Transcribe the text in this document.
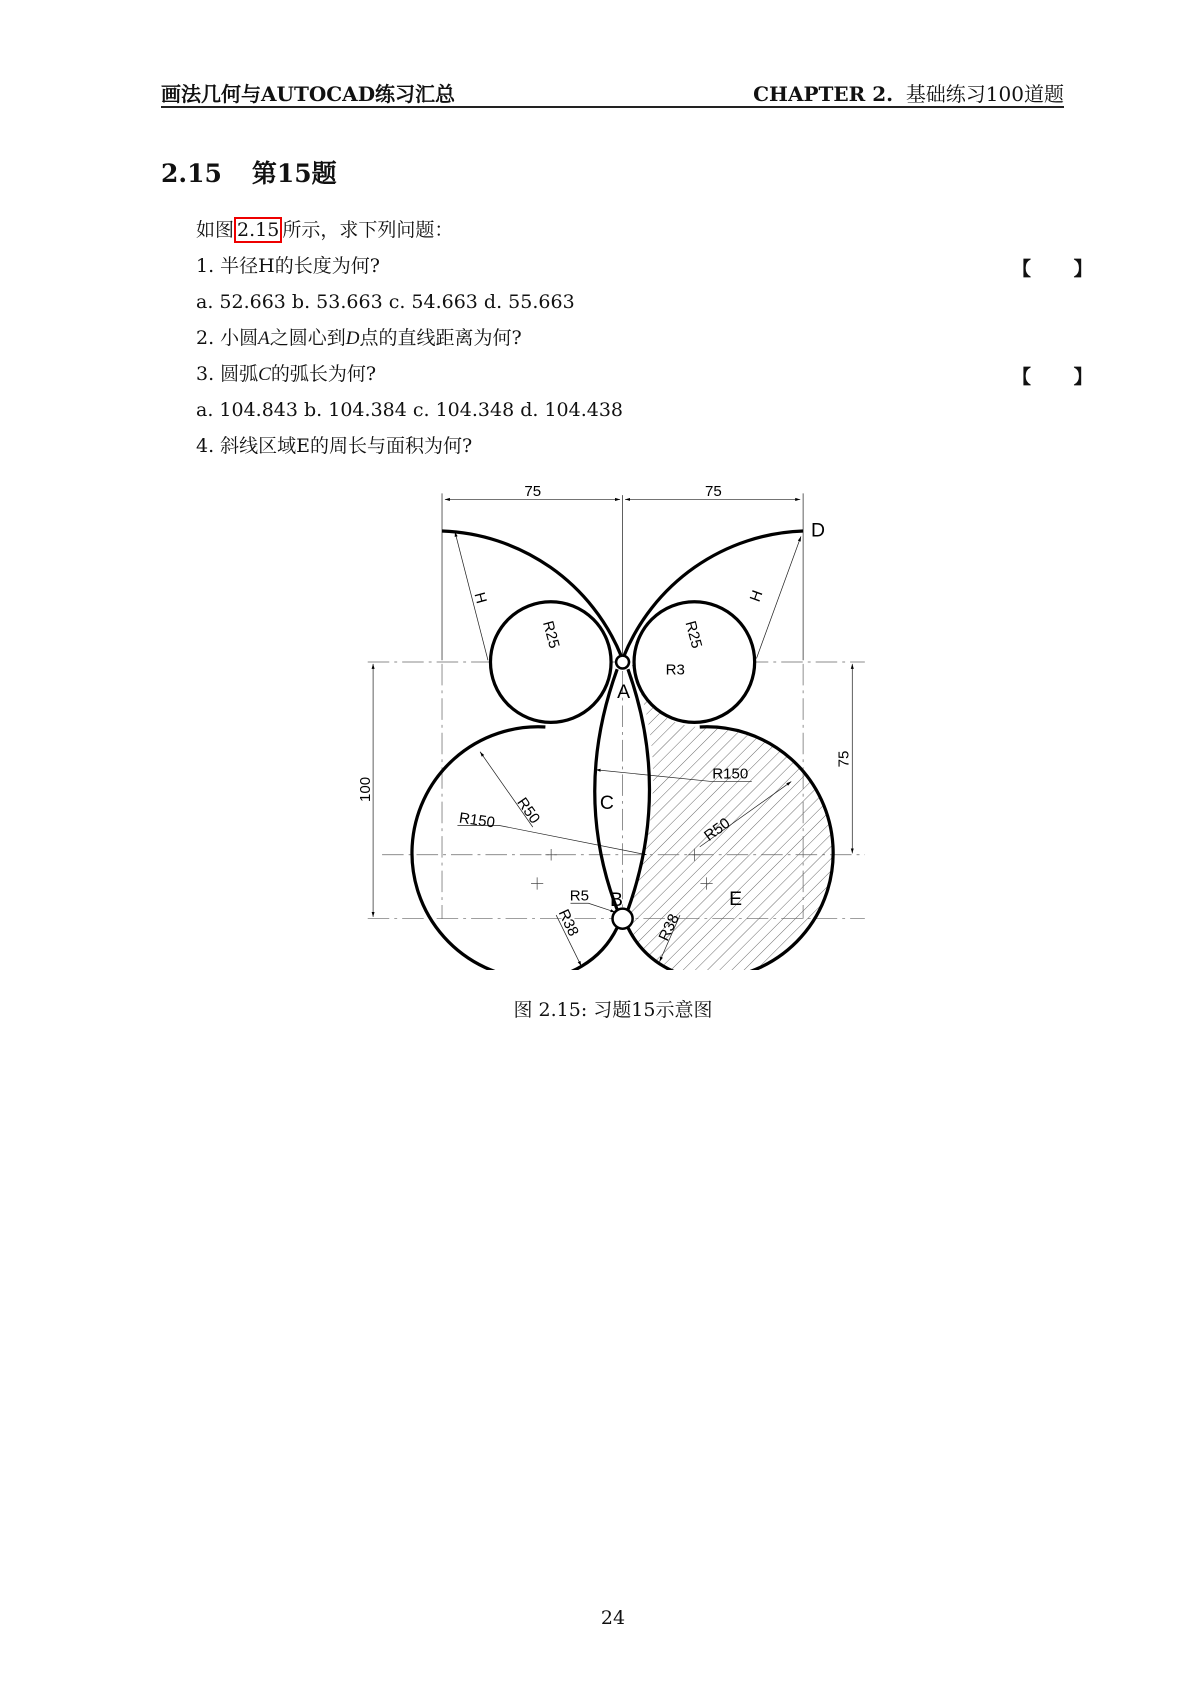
画法几何与AUTOCAD练习汇总	CHAPTER 2. 基础练习100道题
2.15 第15题
如图 2.15 所示，求下列问题：
1. 半径H的长度为何?	【 】
a. 52.663 b. 53.663 c. 54.663 d. 55.663
2. 小圆A之圆心到D点的直线距离为何?
3. 圆弧C的弧长为何?	【 】
a. 104.843 b. 104.384 c. 104.348 d. 104.438
4. 斜线区域E的周长与面积为何?
75	75
100
75
H	H
R25	R25
R3
R150
R150 R50
R50
R5
R38 R38
A
B
C
D
E
图 2.15: 习题15示意图
24
